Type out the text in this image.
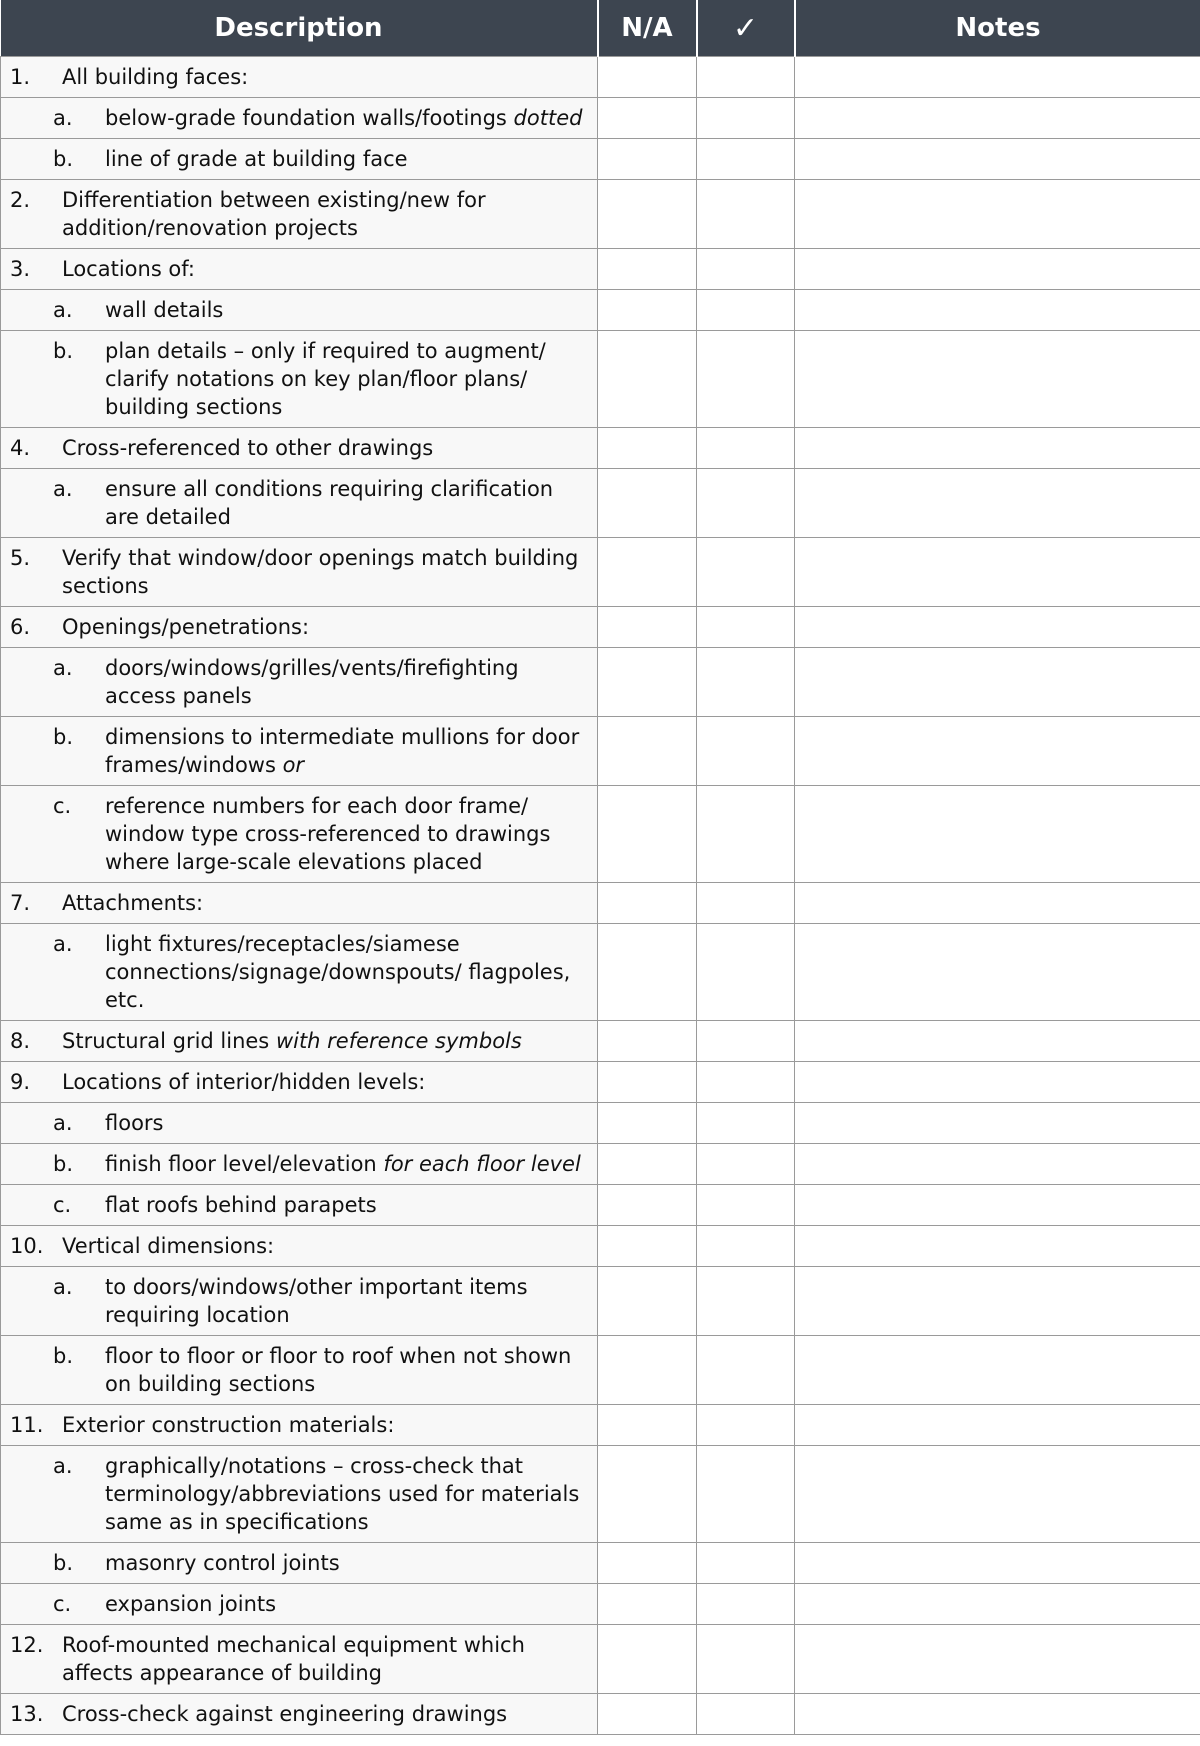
Description	N/A	✓	Notes

1. All building faces:			

a. below-grade foundation walls/footings dotted			

b. line of grade at building face			

2. Differentiation between existing/new for addition/renovation projects			

3. Locations of:			

a. wall details			

b. plan details – only if required to augment/ clarify notations on key plan/floor plans/ building sections			

4. Cross-referenced to other drawings			

a. ensure all conditions requiring clarification are detailed			

5. Verify that window/door openings match building sections			

6. Openings/penetrations:			

a. doors/windows/grilles/vents/firefighting access panels			

b. dimensions to intermediate mullions for door frames/windows or			

c. reference numbers for each door frame/ window type cross-referenced to drawings where large-scale elevations placed			

7. Attachments:			

a. light fixtures/receptacles/siamese connections/signage/downspouts/ flagpoles, etc.			

8. Structural grid lines with reference symbols			

9. Locations of interior/hidden levels:			

a. floors			

b. finish floor level/elevation for each floor level			

c. flat roofs behind parapets			

10. Vertical dimensions:			

a. to doors/windows/other important items requiring location			

b. floor to floor or floor to roof when not shown on building sections			

11. Exterior construction materials:			

a. graphically/notations – cross-check that terminology/abbreviations used for materials same as in specifications			

b. masonry control joints			

c. expansion joints			

12. Roof-mounted mechanical equipment which affects appearance of building			

13. Cross-check against engineering drawings			
